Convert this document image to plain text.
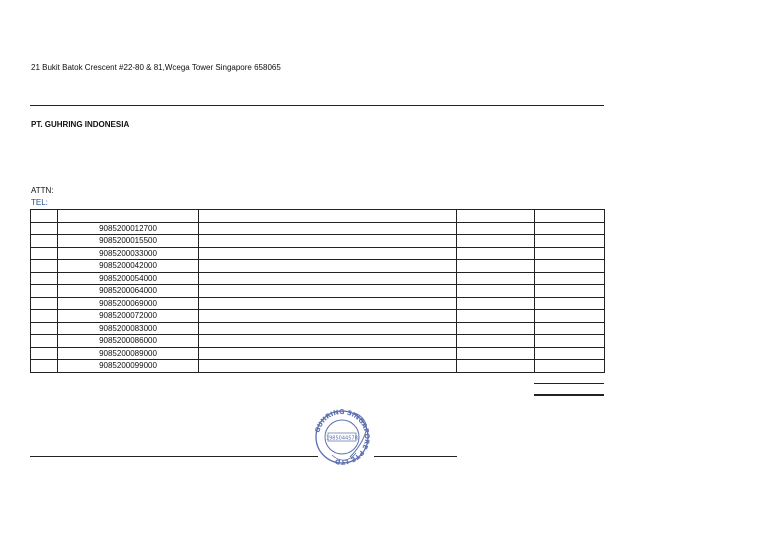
21 Bukit Batok Crescent #22-80 & 81,Wcega Tower Singapore 658065
PT. GUHRING INDONESIA
ATTN:
TEL:

	9085200012700			
	9085200015500			
	9085200033000			
	9085200042000			
	9085200054000			
	9085200064000			
	9085200069000			
	9085200072000			
	9085200083000			
	9085200086000			
	9085200089000			
	9085200099000			
GUHRING SINGAPORE PTE LTD
198504457R
